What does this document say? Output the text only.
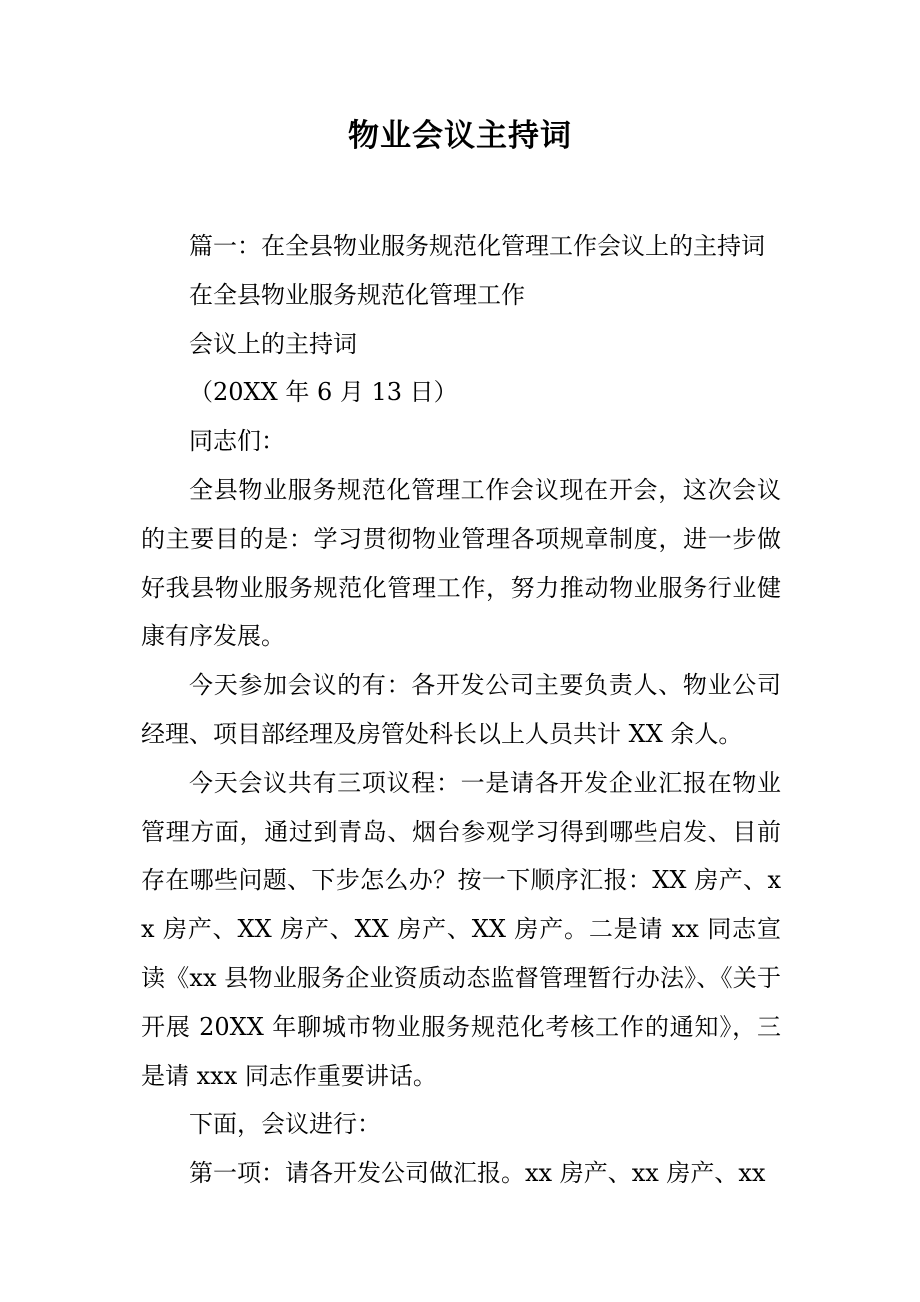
物业会议主持词

篇一：在全县物业服务规范化管理工作会议上的主持词

在全县物业服务规范化管理工作

会议上的主持词

（20XX 年 6 月 13 日）

同志们：

全县物业服务规范化管理工作会议现在开会，这次会议的主要目的是：学习贯彻物业管理各项规章制度，进一步做好我县物业服务规范化管理工作，努力推动物业服务行业健康有序发展。

今天参加会议的有：各开发公司主要负责人、物业公司经理、项目部经理及房管处科长以上人员共计 XX 余人。

今天会议共有三项议程：一是请各开发企业汇报在物业管理方面，通过到青岛、烟台参观学习得到哪些启发、目前存在哪些问题、下步怎么办？按一下顺序汇报：XX 房产、xx 房产、XX 房产、XX 房产、XX 房产。二是请 xx 同志宣读《xx 县物业服务企业资质动态监督管理暂行办法》、《关于开展 20XX 年聊城市物业服务规范化考核工作的通知》，三是请 xxx 同志作重要讲话。

下面，会议进行：

第一项：请各开发公司做汇报。xx 房产、xx 房产、xx
